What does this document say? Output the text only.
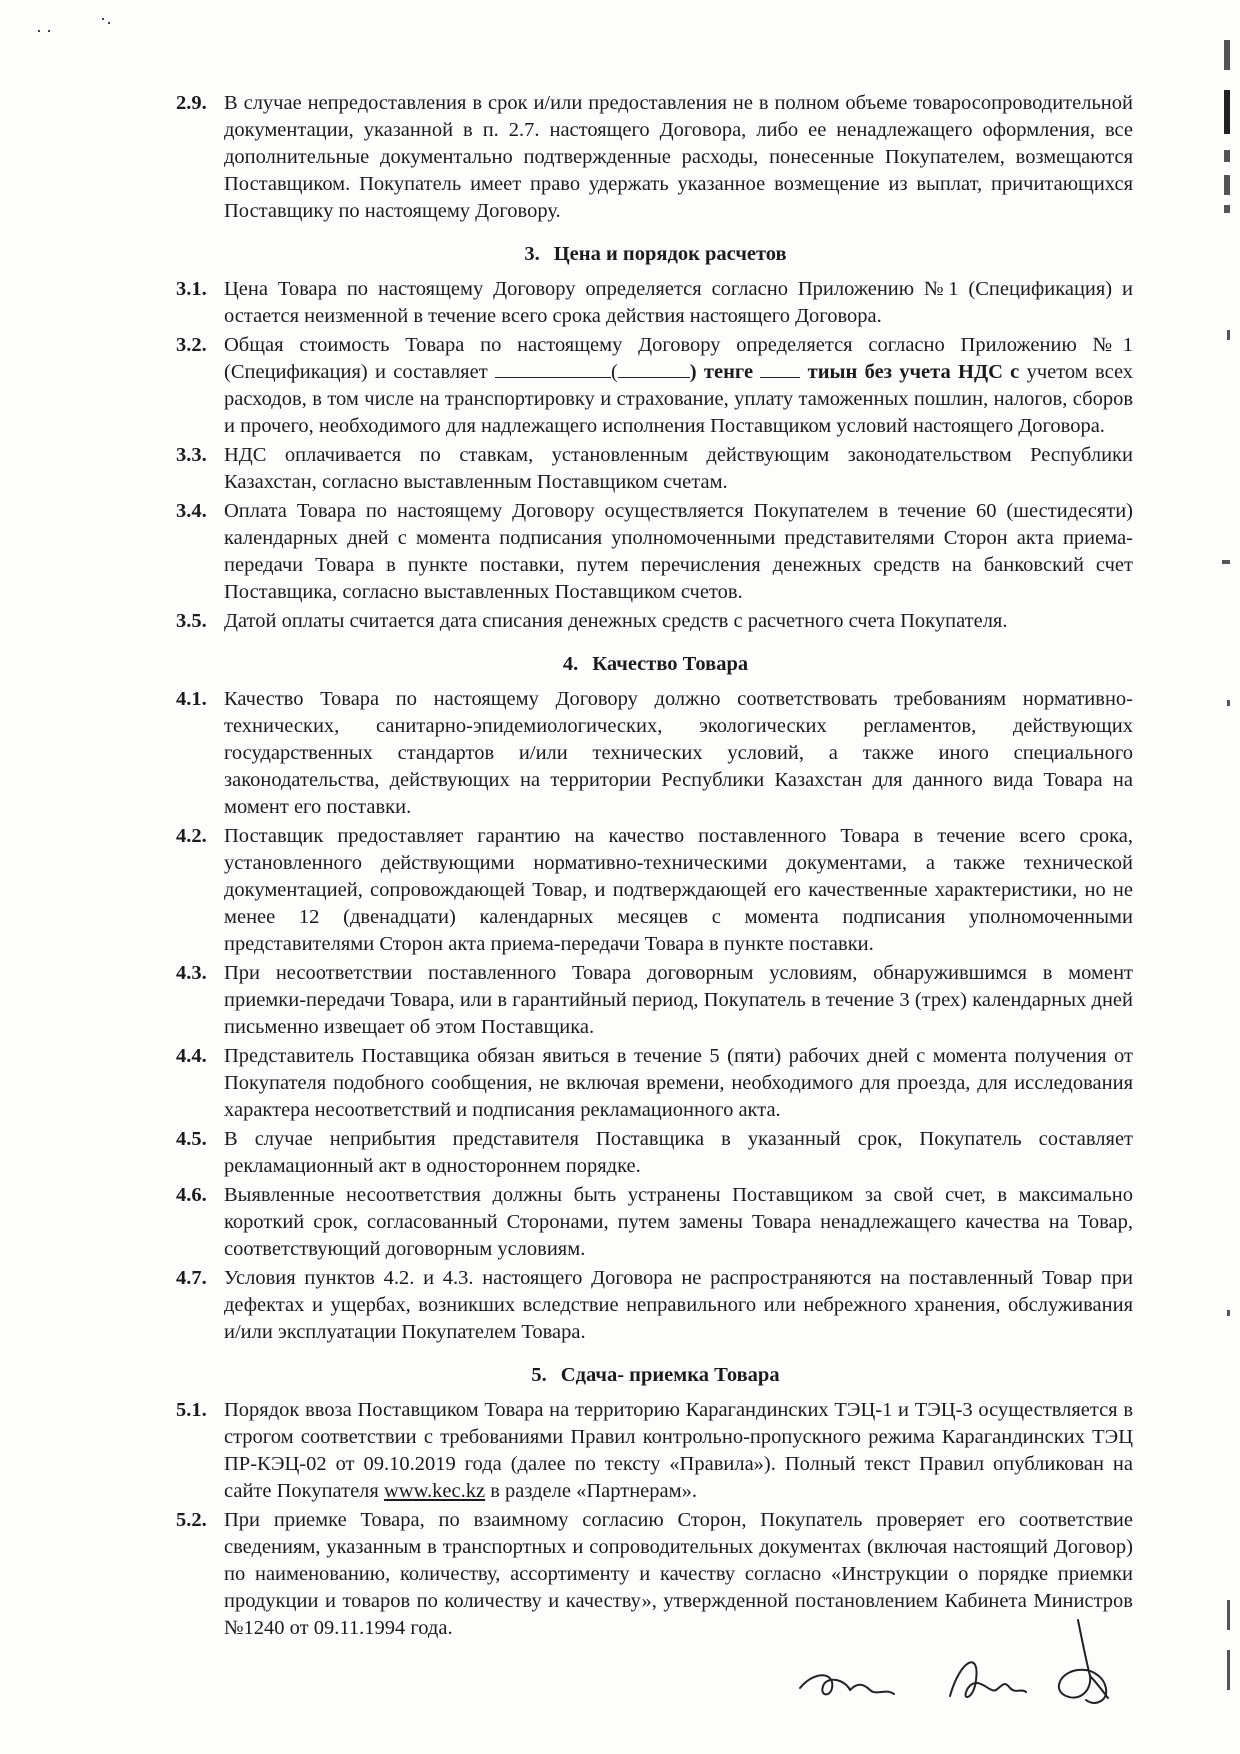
2.9. В случае непредоставления в срок и/или предоставления не в полном объеме товаросопроводительной документации, указанной в п. 2.7. настоящего Договора, либо ее ненадлежащего оформления, все дополнительные документально подтвержденные расходы, понесенные Покупателем, возмещаются Поставщиком. Покупатель имеет право удержать указанное возмещение из выплат, причитающихся Поставщику по настоящему Договору.

3. Цена и порядок расчетов

3.1. Цена Товара по настоящему Договору определяется согласно Приложению №1 (Спецификация) и остается неизменной в течение всего срока действия настоящего Договора.

3.2. Общая стоимость Товара по настоящему Договору определяется согласно Приложению №1 (Спецификация) и составляет	(	) тенге	тиын без учета НДС с учетом всех расходов, в том числе на транспортировку и страхование, уплату таможенных пошлин, налогов, сборов и прочего, необходимого для надлежащего исполнения Поставщиком условий настоящего Договора.

3.3. НДС оплачивается по ставкам, установленным действующим законодательством Республики Казахстан, согласно выставленным Поставщиком счетам.

3.4. Оплата Товара по настоящему Договору осуществляется Покупателем в течение 60 (шестидесяти) календарных дней с момента подписания уполномоченными представителями Сторон акта приема-передачи Товара в пункте поставки, путем перечисления денежных средств на банковский счет Поставщика, согласно выставленных Поставщиком счетов.

3.5. Датой оплаты считается дата списания денежных средств с расчетного счета Покупателя.

4. Качество Товара

4.1. Качество Товара по настоящему Договору должно соответствовать требованиям нормативно-технических, санитарно-эпидемиологических, экологических регламентов, действующих государственных стандартов и/или технических условий, а также иного специального законодательства, действующих на территории Республики Казахстан для данного вида Товара на момент его поставки.

4.2. Поставщик предоставляет гарантию на качество поставленного Товара в течение всего срока, установленного действующими нормативно-техническими документами, а также технической документацией, сопровождающей Товар, и подтверждающей его качественные характеристики, но не менее 12 (двенадцати) календарных месяцев с момента подписания уполномоченными представителями Сторон акта приема-передачи Товара в пункте поставки.

4.3. При несоответствии поставленного Товара договорным условиям, обнаружившимся в момент приемки-передачи Товара, или в гарантийный период, Покупатель в течение 3 (трех) календарных дней письменно извещает об этом Поставщика.

4.4. Представитель Поставщика обязан явиться в течение 5 (пяти) рабочих дней с момента получения от Покупателя подобного сообщения, не включая времени, необходимого для проезда, для исследования характера несоответствий и подписания рекламационного акта.

4.5. В случае неприбытия представителя Поставщика в указанный срок, Покупатель составляет рекламационный акт в одностороннем порядке.

4.6. Выявленные несоответствия должны быть устранены Поставщиком за свой счет, в максимально короткий срок, согласованный Сторонами, путем замены Товара ненадлежащего качества на Товар, соответствующий договорным условиям.

4.7. Условия пунктов 4.2. и 4.3. настоящего Договора не распространяются на поставленный Товар при дефектах и ущербах, возникших вследствие неправильного или небрежного хранения, обслуживания и/или эксплуатации Покупателем Товара.

5. Сдача- приемка Товара

5.1. Порядок ввоза Поставщиком Товара на территорию Карагандинских ТЭЦ-1 и ТЭЦ-3 осуществляется в строгом соответствии с требованиями Правил контрольно-пропускного режима Карагандинских ТЭЦ ПР-КЭЦ-02 от 09.10.2019 года (далее по тексту «Правила»). Полный текст Правил опубликован на сайте Покупателя www.kec.kz в разделе «Партнерам».

5.2. При приемке Товара, по взаимному согласию Сторон, Покупатель проверяет его соответствие сведениям, указанным в транспортных и сопроводительных документах (включая настоящий Договор) по наименованию, количеству, ассортименту и качеству согласно «Инструкции о порядке приемки продукции и товаров по количеству и качеству», утвержденной постановлением Кабинета Министров №1240 от 09.11.1994 года.
